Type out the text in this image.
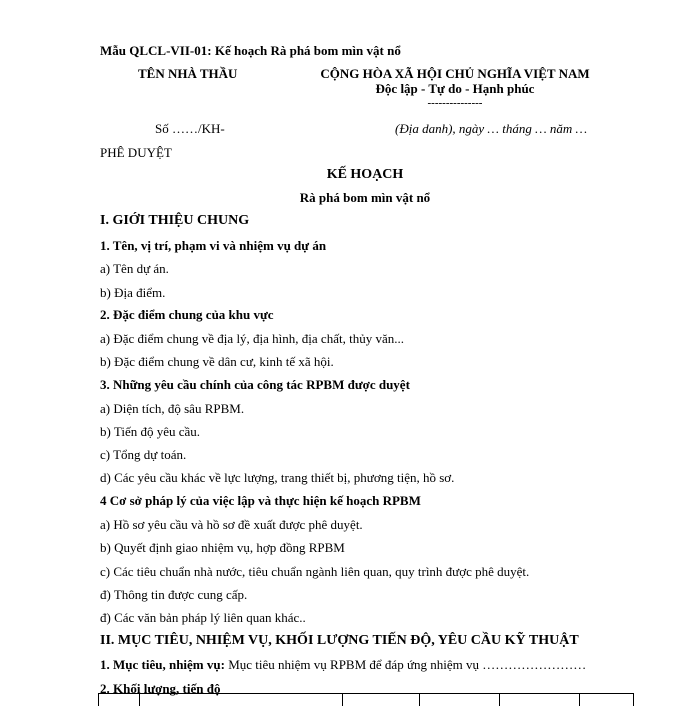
Mẫu QLCL-VII-01: Kế hoạch Rà phá bom mìn vật nổ
TÊN NHÀ THẦU	CỘNG HÒA XÃ HỘI CHỦ NGHĨA VIỆT NAM
Độc lập - Tự do - Hạnh phúc
---------------
Số ……/KH-	(Địa danh), ngày … tháng … năm …
PHÊ DUYỆT
KẾ HOẠCH
Rà phá bom mìn vật nổ
I. GIỚI THIỆU CHUNG
1. Tên, vị trí, phạm vi và nhiệm vụ dự án
a) Tên dự án.
b) Địa điểm.
2. Đặc điểm chung của khu vực
a) Đặc điểm chung về địa lý, địa hình, địa chất, thủy văn...
b) Đặc điểm chung về dân cư, kinh tế xã hội.
3. Những yêu cầu chính của công tác RPBM được duyệt
a) Diện tích, độ sâu RPBM.
b) Tiến độ yêu cầu.
c) Tổng dự toán.
d) Các yêu cầu khác về lực lượng, trang thiết bị, phương tiện, hồ sơ.
4 Cơ sở pháp lý của việc lập và thực hiện kế hoạch RPBM
a) Hồ sơ yêu cầu và hồ sơ đề xuất được phê duyệt.
b) Quyết định giao nhiệm vụ, hợp đồng RPBM
c) Các tiêu chuẩn nhà nước, tiêu chuẩn ngành liên quan, quy trình được phê duyệt.
đ) Thông tin được cung cấp.
đ) Các văn bản pháp lý liên quan khác..
II. MỤC TIÊU, NHIỆM VỤ, KHỐI LƯỢNG TIẾN ĐỘ, YÊU CẦU KỸ THUẬT
1. Mục tiêu, nhiệm vụ: Mục tiêu nhiệm vụ RPBM để đáp ứng nhiệm vụ ……………………
2. Khối lượng, tiến độ
